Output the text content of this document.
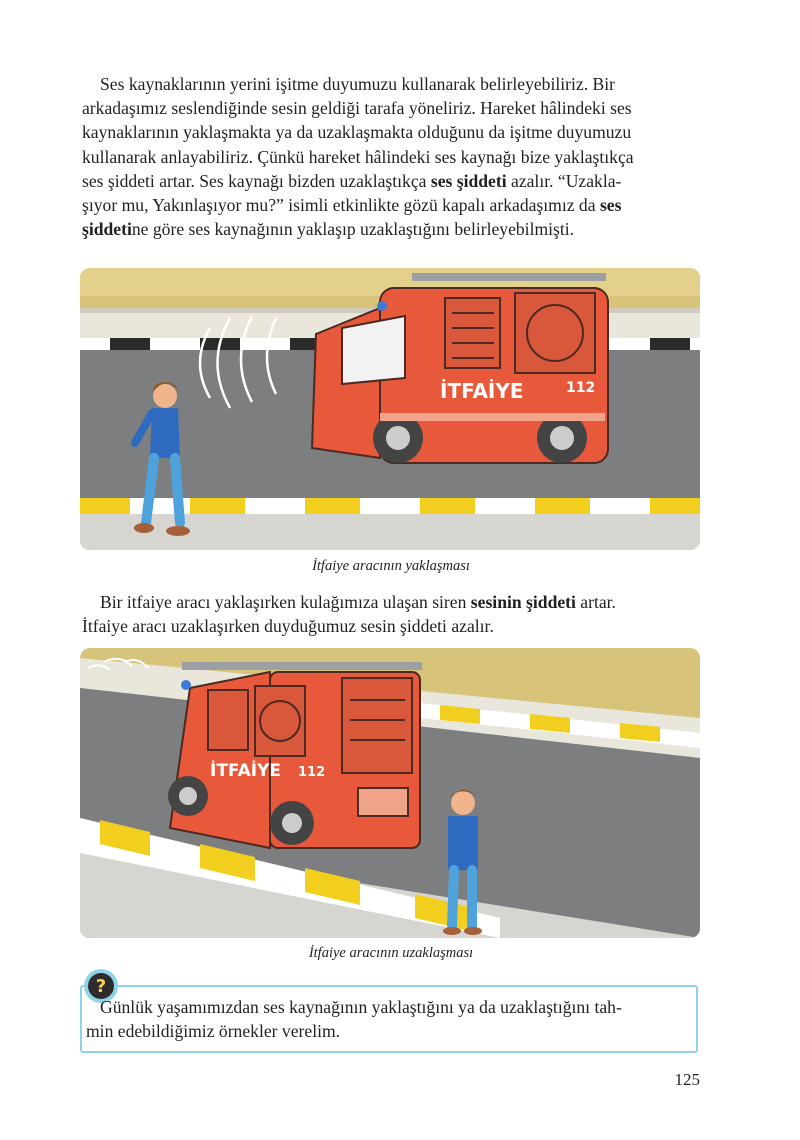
Ses kaynaklarının yerini işitme duyumuzu kullanarak belirleyebiliriz. Bir
arkadaşımız seslendiğinde sesin geldiği tarafa yöneliriz. Hareket hâlindeki ses
kaynaklarının yaklaşmakta ya da uzaklaşmakta olduğunu da işitme duyumuzu
kullanarak anlayabiliriz. Çünkü hareket hâlindeki ses kaynağı bize yaklaştıkça
ses şiddeti artar. Ses kaynağı bizden uzaklaştıkça ses şiddeti azalır. “Uzakla-
şıyor mu, Yakınlaşıyor mu?” isimli etkinlikte gözü kapalı arkadaşımız da ses
şiddetine göre ses kaynağının yaklaşıp uzaklaştığını belirleyebilmişti.
İTFAİYE	112
İtfaiye aracının yaklaşması
Bir itfaiye aracı yaklaşırken kulağımıza ulaşan siren sesinin şiddeti artar.
İtfaiye aracı uzaklaşırken duyduğumuz sesin şiddeti azalır.
İTFAİYE 112
İtfaiye aracının uzaklaşması
?
Günlük yaşamımızdan ses kaynağının yaklaştığını ya da uzaklaştığını tah-
min edebildiğimiz örnekler verelim.
125
